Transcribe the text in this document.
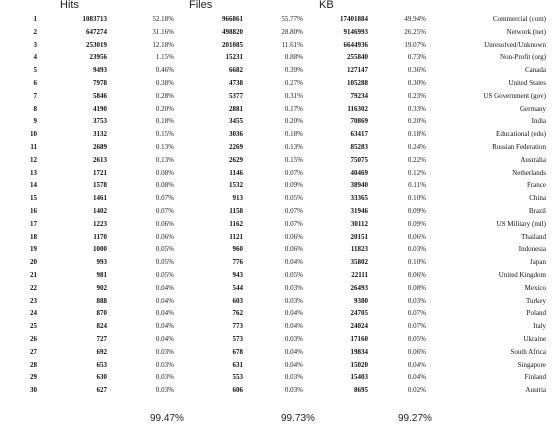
Hits	Files	KB
1	1083713	52.18%	966861	55.77%	17401884	49.94%	Commercial (com)
2	647274	31.16%	498820	28.80%	9146993	26.25%	Network (net)
3	253019	12.18%	201085	11.61%	6644936	19.07%	Unresolved/Unknown
4	23956	1.15%	15231	0.88%	255840	0.73%	Non-Profit (org)
5	9493	0.46%	6682	0.39%	127147	0.36%	Canada
6	7978	0.38%	4738	0.27%	105288	0.30%	United States
7	5846	0.28%	5377	0.31%	79234	0.23%	US Government (gov)
8	4190	0.20%	2881	0.17%	116302	0.33%	Germany
9	3753	0.18%	3455	0.20%	70869	0.20%	India
10	3132	0.15%	3036	0.18%	63417	0.18%	Educational (edu)
11	2689	0.13%	2269	0.13%	85283	0.24%	Russian Federation
12	2613	0.13%	2629	0.15%	75075	0.22%	Australia
13	1721	0.08%	1146	0.07%	40469	0.12%	Netherlands
14	1578	0.08%	1532	0.09%	38940	0.11%	France
15	1461	0.07%	913	0.05%	33365	0.10%	China
16	1402	0.07%	1158	0.07%	31946	0.09%	Brazil
17	1223	0.06%	1162	0.07%	30112	0.09%	US Military (mil)
18	1170	0.06%	1121	0.06%	20151	0.06%	Thailand
19	1000	0.05%	960	0.06%	11823	0.03%	Indonesia
20	993	0.05%	776	0.04%	35802	0.10%	Japan
21	981	0.05%	943	0.05%	22111	0.06%	United Kingdom
22	902	0.04%	544	0.03%	26493	0.08%	Mexico
23	888	0.04%	603	0.03%	9380	0.03%	Turkey
24	870	0.04%	762	0.04%	24705	0.07%	Poland
25	824	0.04%	773	0.04%	24024	0.07%	Italy
26	727	0.04%	573	0.03%	17160	0.05%	Ukraine
27	692	0.03%	678	0.04%	19834	0.06%	South Africa
28	653	0.03%	631	0.04%	15020	0.04%	Singapore
29	630	0.03%	553	0.03%	15403	0.04%	Finland
30	627	0.03%	606	0.03%	8695	0.02%	Austria
99.47%	99.73%	99.27%
